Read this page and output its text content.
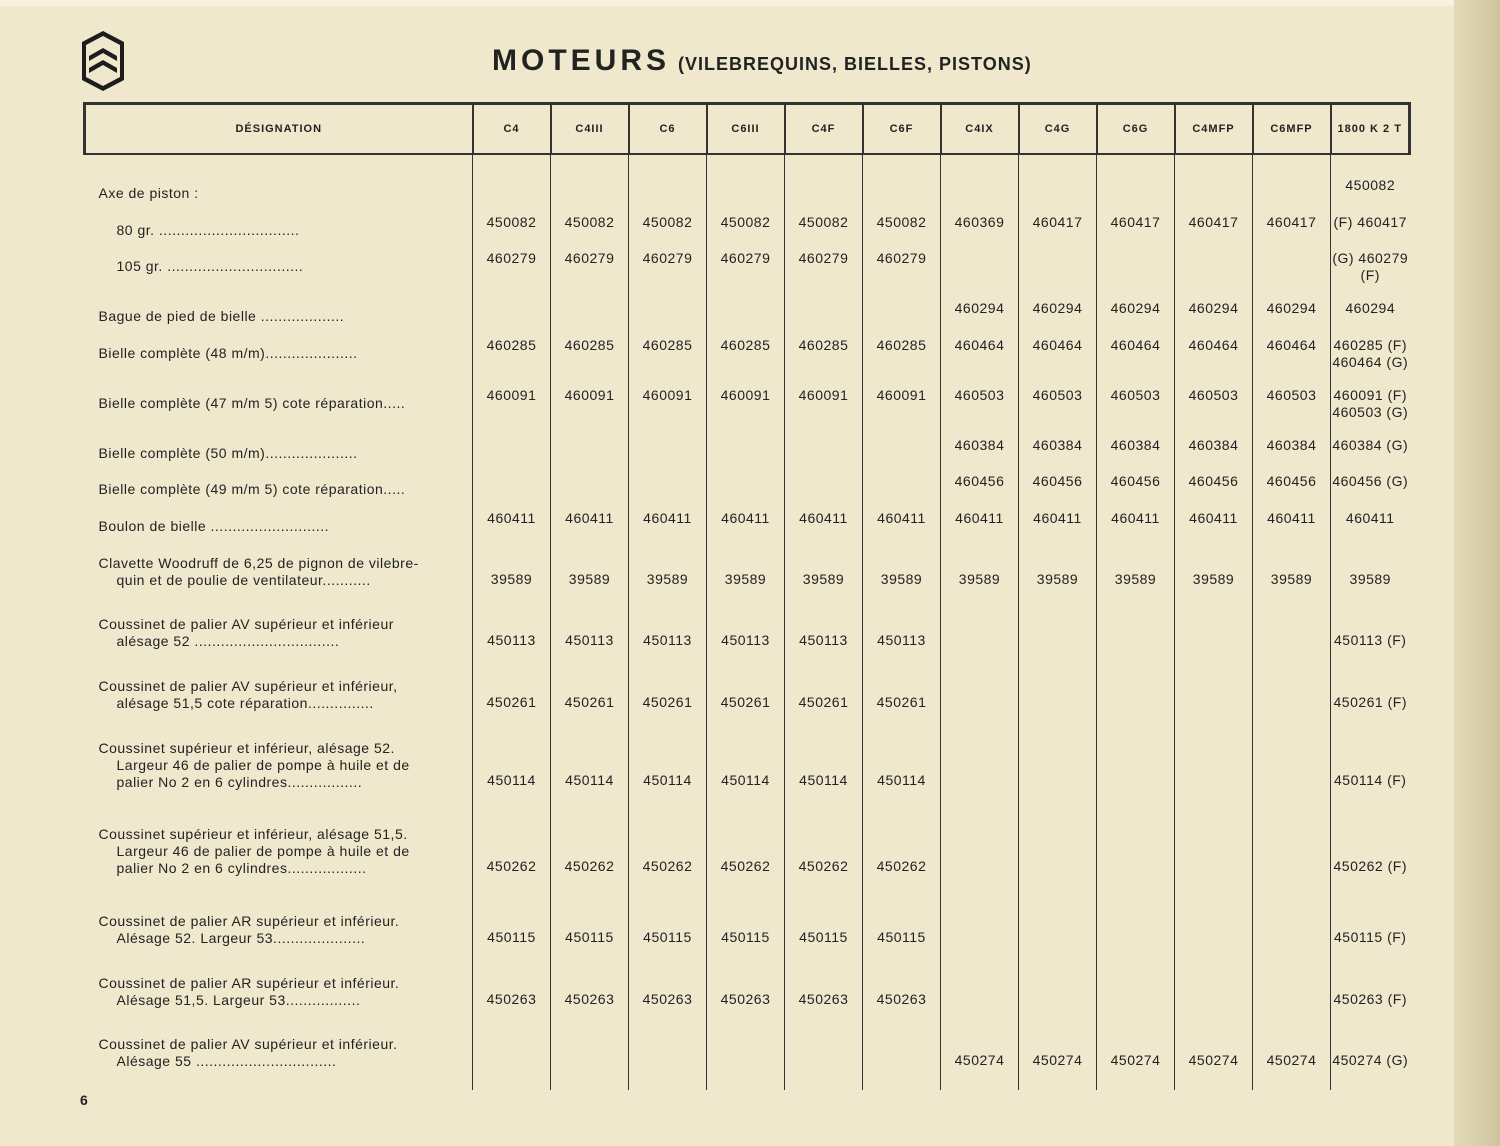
MOTEURS (VILEBREQUINS, BIELLES, PISTONS)
DÉSIGNATION	C4	C4III	C6	C6III	C4F	C6F	C4IX	C4G	C6G	C4MFP	C6MFP	1800 K 2 T

Axe de piston :												450082

80 gr. ................................	450082	450082	450082	450082	450082	450082	460369	460417	460417	460417	460417	(F) 460417

105 gr. ...............................	460279	460279	460279	460279	460279	460279						(G) 460279 (F)

Bague de pied de bielle ...................							460294	460294	460294	460294	460294	460294

Bielle complète (48 m/m).....................	460285	460285	460285	460285	460285	460285	460464	460464	460464	460464	460464	460285 (F) 460464 (G)

Bielle complète (47 m/m 5) cote réparation.....	460091	460091	460091	460091	460091	460091	460503	460503	460503	460503	460503	460091 (F) 460503 (G)

Bielle complète (50 m/m).....................							460384	460384	460384	460384	460384	460384 (G)

Bielle complète (49 m/m 5) cote réparation.....							460456	460456	460456	460456	460456	460456 (G)

Boulon de bielle ...........................	460411	460411	460411	460411	460411	460411	460411	460411	460411	460411	460411	460411

Clavette Woodruff de 6,25 de pignon de vilebre-
quin et de poulie de ventilateur...........	39589	39589	39589	39589	39589	39589	39589	39589	39589	39589	39589	39589

Coussinet de palier AV supérieur et inférieur
alésage 52 .................................	450113	450113	450113	450113	450113	450113						450113 (F)

Coussinet de palier AV supérieur et inférieur,
alésage 51,5 cote réparation...............	450261	450261	450261	450261	450261	450261						450261 (F)

Coussinet supérieur et inférieur, alésage 52.
Largeur 46 de palier de pompe à huile et de
palier No 2 en 6 cylindres.................	450114	450114	450114	450114	450114	450114						450114 (F)

Coussinet supérieur et inférieur, alésage 51,5.
Largeur 46 de palier de pompe à huile et de
palier No 2 en 6 cylindres..................	450262	450262	450262	450262	450262	450262						450262 (F)

Coussinet de palier AR supérieur et inférieur.
Alésage 52. Largeur 53.....................	450115	450115	450115	450115	450115	450115						450115 (F)

Coussinet de palier AR supérieur et inférieur.
Alésage 51,5. Largeur 53.................	450263	450263	450263	450263	450263	450263						450263 (F)

Coussinet de palier AV supérieur et inférieur.
Alésage 55 ................................							450274	450274	450274	450274	450274	450274 (G)

6
